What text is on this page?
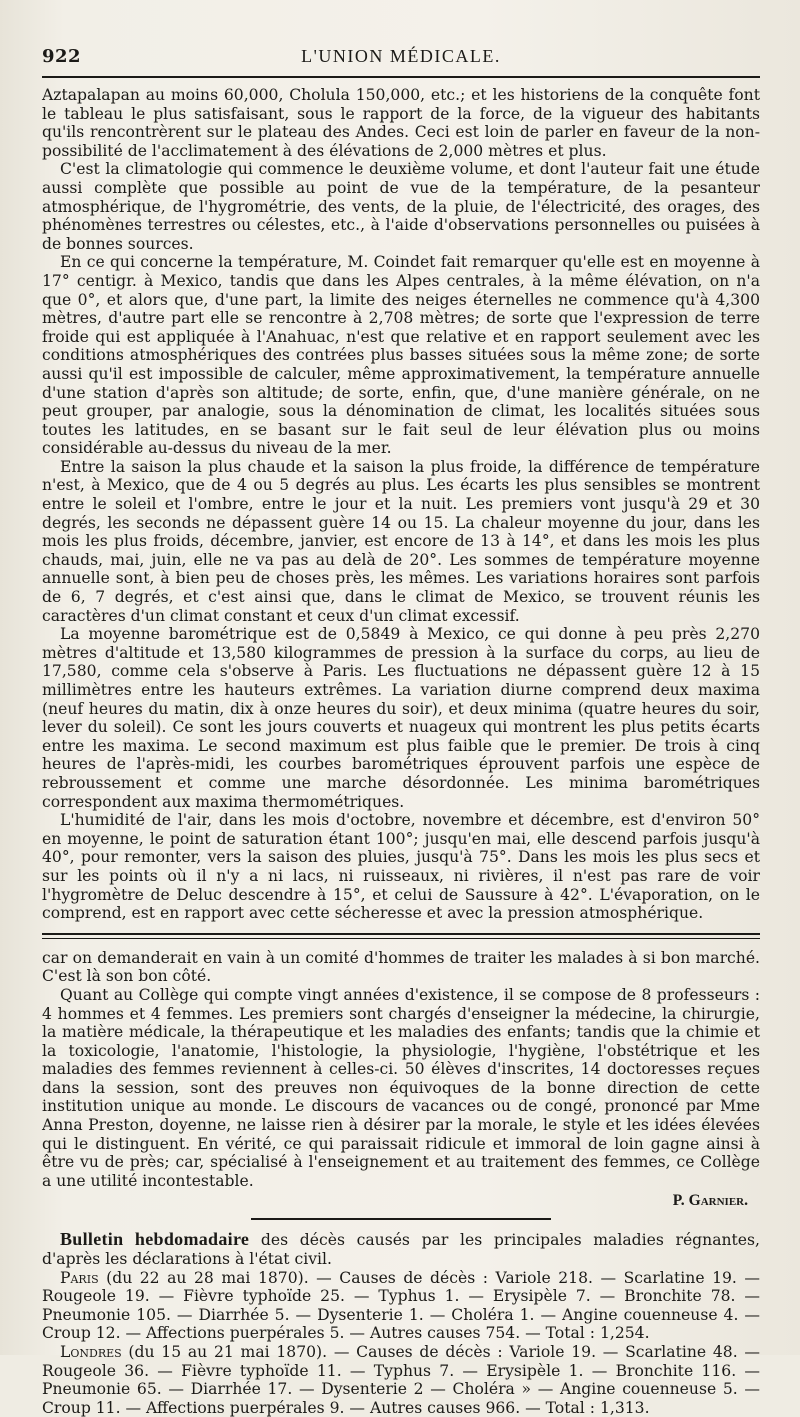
922	L'UNION MÉDICALE.

Aztapalapan au moins 60,000, Cholula 150,000, etc.; et les historiens de la conquête font le tableau le plus satisfaisant, sous le rapport de la force, de la vigueur des habitants qu'ils rencontrèrent sur le plateau des Andes. Ceci est loin de parler en faveur de la non-possibilité de l'acclimatement à des élévations de 2,000 mètres et plus.

C'est la climatologie qui commence le deuxième volume, et dont l'auteur fait une étude aussi complète que possible au point de vue de la température, de la pesanteur atmosphérique, de l'hygrométrie, des vents, de la pluie, de l'électricité, des orages, des phénomènes terrestres ou célestes, etc., à l'aide d'observations personnelles ou puisées à de bonnes sources.

En ce qui concerne la température, M. Coindet fait remarquer qu'elle est en moyenne à 17° centigr. à Mexico, tandis que dans les Alpes centrales, à la même élévation, on n'a que 0°, et alors que, d'une part, la limite des neiges éternelles ne commence qu'à 4,300 mètres, d'autre part elle se rencontre à 2,708 mètres; de sorte que l'expression de terre froide qui est appliquée à l'Anahuac, n'est que relative et en rapport seulement avec les conditions atmosphériques des contrées plus basses situées sous la même zone; de sorte aussi qu'il est impossible de calculer, même approximativement, la température annuelle d'une station d'après son altitude; de sorte, enfin, que, d'une manière générale, on ne peut grouper, par analogie, sous la dénomination de climat, les localités situées sous toutes les latitudes, en se basant sur le fait seul de leur élévation plus ou moins considérable au-dessus du niveau de la mer.

Entre la saison la plus chaude et la saison la plus froide, la différence de température n'est, à Mexico, que de 4 ou 5 degrés au plus. Les écarts les plus sensibles se montrent entre le soleil et l'ombre, entre le jour et la nuit. Les premiers vont jusqu'à 29 et 30 degrés, les seconds ne dépassent guère 14 ou 15. La chaleur moyenne du jour, dans les mois les plus froids, décembre, janvier, est encore de 13 à 14°, et dans les mois les plus chauds, mai, juin, elle ne va pas au delà de 20°. Les sommes de température moyenne annuelle sont, à bien peu de choses près, les mêmes. Les variations horaires sont parfois de 6, 7 degrés, et c'est ainsi que, dans le climat de Mexico, se trouvent réunis les caractères d'un climat constant et ceux d'un climat excessif.

La moyenne barométrique est de 0,5849 à Mexico, ce qui donne à peu près 2,270 mètres d'altitude et 13,580 kilogrammes de pression à la surface du corps, au lieu de 17,580, comme cela s'observe à Paris. Les fluctuations ne dépassent guère 12 à 15 millimètres entre les hauteurs extrêmes. La variation diurne comprend deux maxima (neuf heures du matin, dix à onze heures du soir), et deux minima (quatre heures du soir, lever du soleil). Ce sont les jours couverts et nuageux qui montrent les plus petits écarts entre les maxima. Le second maximum est plus faible que le premier. De trois à cinq heures de l'après-midi, les courbes barométriques éprouvent parfois une espèce de rebroussement et comme une marche désordonnée. Les minima barométriques correspondent aux maxima thermométriques.

L'humidité de l'air, dans les mois d'octobre, novembre et décembre, est d'environ 50° en moyenne, le point de saturation étant 100°; jusqu'en mai, elle descend parfois jusqu'à 40°, pour remonter, vers la saison des pluies, jusqu'à 75°. Dans les mois les plus secs et sur les points où il n'y a ni lacs, ni ruisseaux, ni rivières, il n'est pas rare de voir l'hygromètre de Deluc descendre à 15°, et celui de Saussure à 42°. L'évaporation, on le comprend, est en rapport avec cette sécheresse et avec la pression atmosphérique.

car on demanderait en vain à un comité d'hommes de traiter les malades à si bon marché. C'est là son bon côté.

Quant au Collège qui compte vingt années d'existence, il se compose de 8 professeurs : 4 hommes et 4 femmes. Les premiers sont chargés d'enseigner la médecine, la chirurgie, la matière médicale, la thérapeutique et les maladies des enfants; tandis que la chimie et la toxicologie, l'anatomie, l'histologie, la physiologie, l'hygiène, l'obstétrique et les maladies des femmes reviennent à celles-ci. 50 élèves d'inscrites, 14 doctoresses reçues dans la session, sont des preuves non équivoques de la bonne direction de cette institution unique au monde. Le discours de vacances ou de congé, prononcé par Mme Anna Preston, doyenne, ne laisse rien à désirer par la morale, le style et les idées élevées qui le distinguent. En vérité, ce qui paraissait ridicule et immoral de loin gagne ainsi à être vu de près; car, spécialisé à l'enseignement et au traitement des femmes, ce Collège a une utilité incontestable.

P. Garnier.

Bulletin hebdomadaire des décès causés par les principales maladies régnantes, d'après les déclarations à l'état civil.

Paris (du 22 au 28 mai 1870). — Causes de décès : Variole 218. — Scarlatine 19. — Rougeole 19. — Fièvre typhoïde 25. — Typhus 1. — Erysipèle 7. — Bronchite 78. — Pneumonie 105. — Diarrhée 5. — Dysenterie 1. — Choléra 1. — Angine couenneuse 4. — Croup 12. — Affections puerpérales 5. — Autres causes 754. — Total : 1,254.

Londres (du 15 au 21 mai 1870). — Causes de décès : Variole 19. — Scarlatine 48. — Rougeole 36. — Fièvre typhoïde 11. — Typhus 7. — Erysipèle 1. — Bronchite 116. — Pneumonie 65. — Diarrhée 17. — Dysenterie 2 — Choléra » — Angine couenneuse 5. — Croup 11. — Affections puerpérales 9. — Autres causes 966. — Total : 1,313.
